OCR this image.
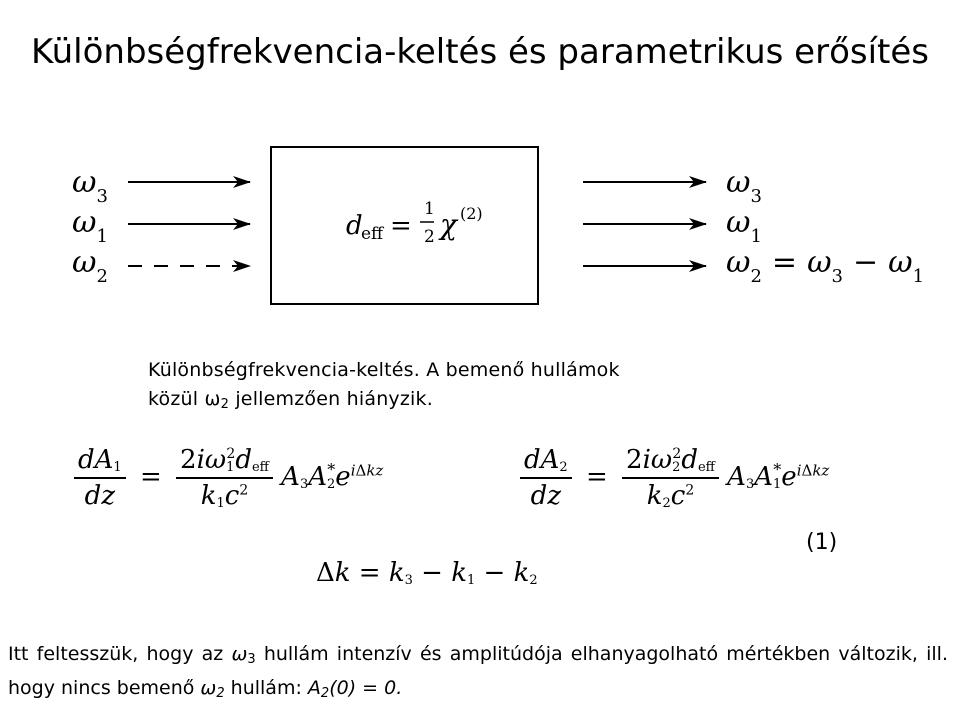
Különbségfrekvencia-keltés és parametrikus erősítés
$\omega_3$
$\omega_1$
$\omega_2$
d
eff =
1
2 χ (2)
$\omega_3$
$\omega_1$
$\omega_2 = \omega_3 - \omega_1$
Különbségfrekvencia-keltés. A bemenő hullámok
közül $\omega_2$ jellemzően hiányzik.
$\frac{dA_1}{dz} = \frac{2i\omega_1^2d_{eff}}{k_1c^2} A_3A_2^*e^{i\Delta kz}$	$\frac{dA_2}{dz} = \frac{2i\omega_2^2d_{eff}}{k_2c^2} A_3A_1^*e^{i\Delta kz}$
(1)
$\Delta k = k_3 - k_1 - k_2$
Itt feltesszük, hogy az $\omega_3$ hullám intenzív és amplitúdója elhanyagolható mértékben változik, ill. hogy nincs bemenő $\omega_2$ hullám: $A_2(0) = 0$.
